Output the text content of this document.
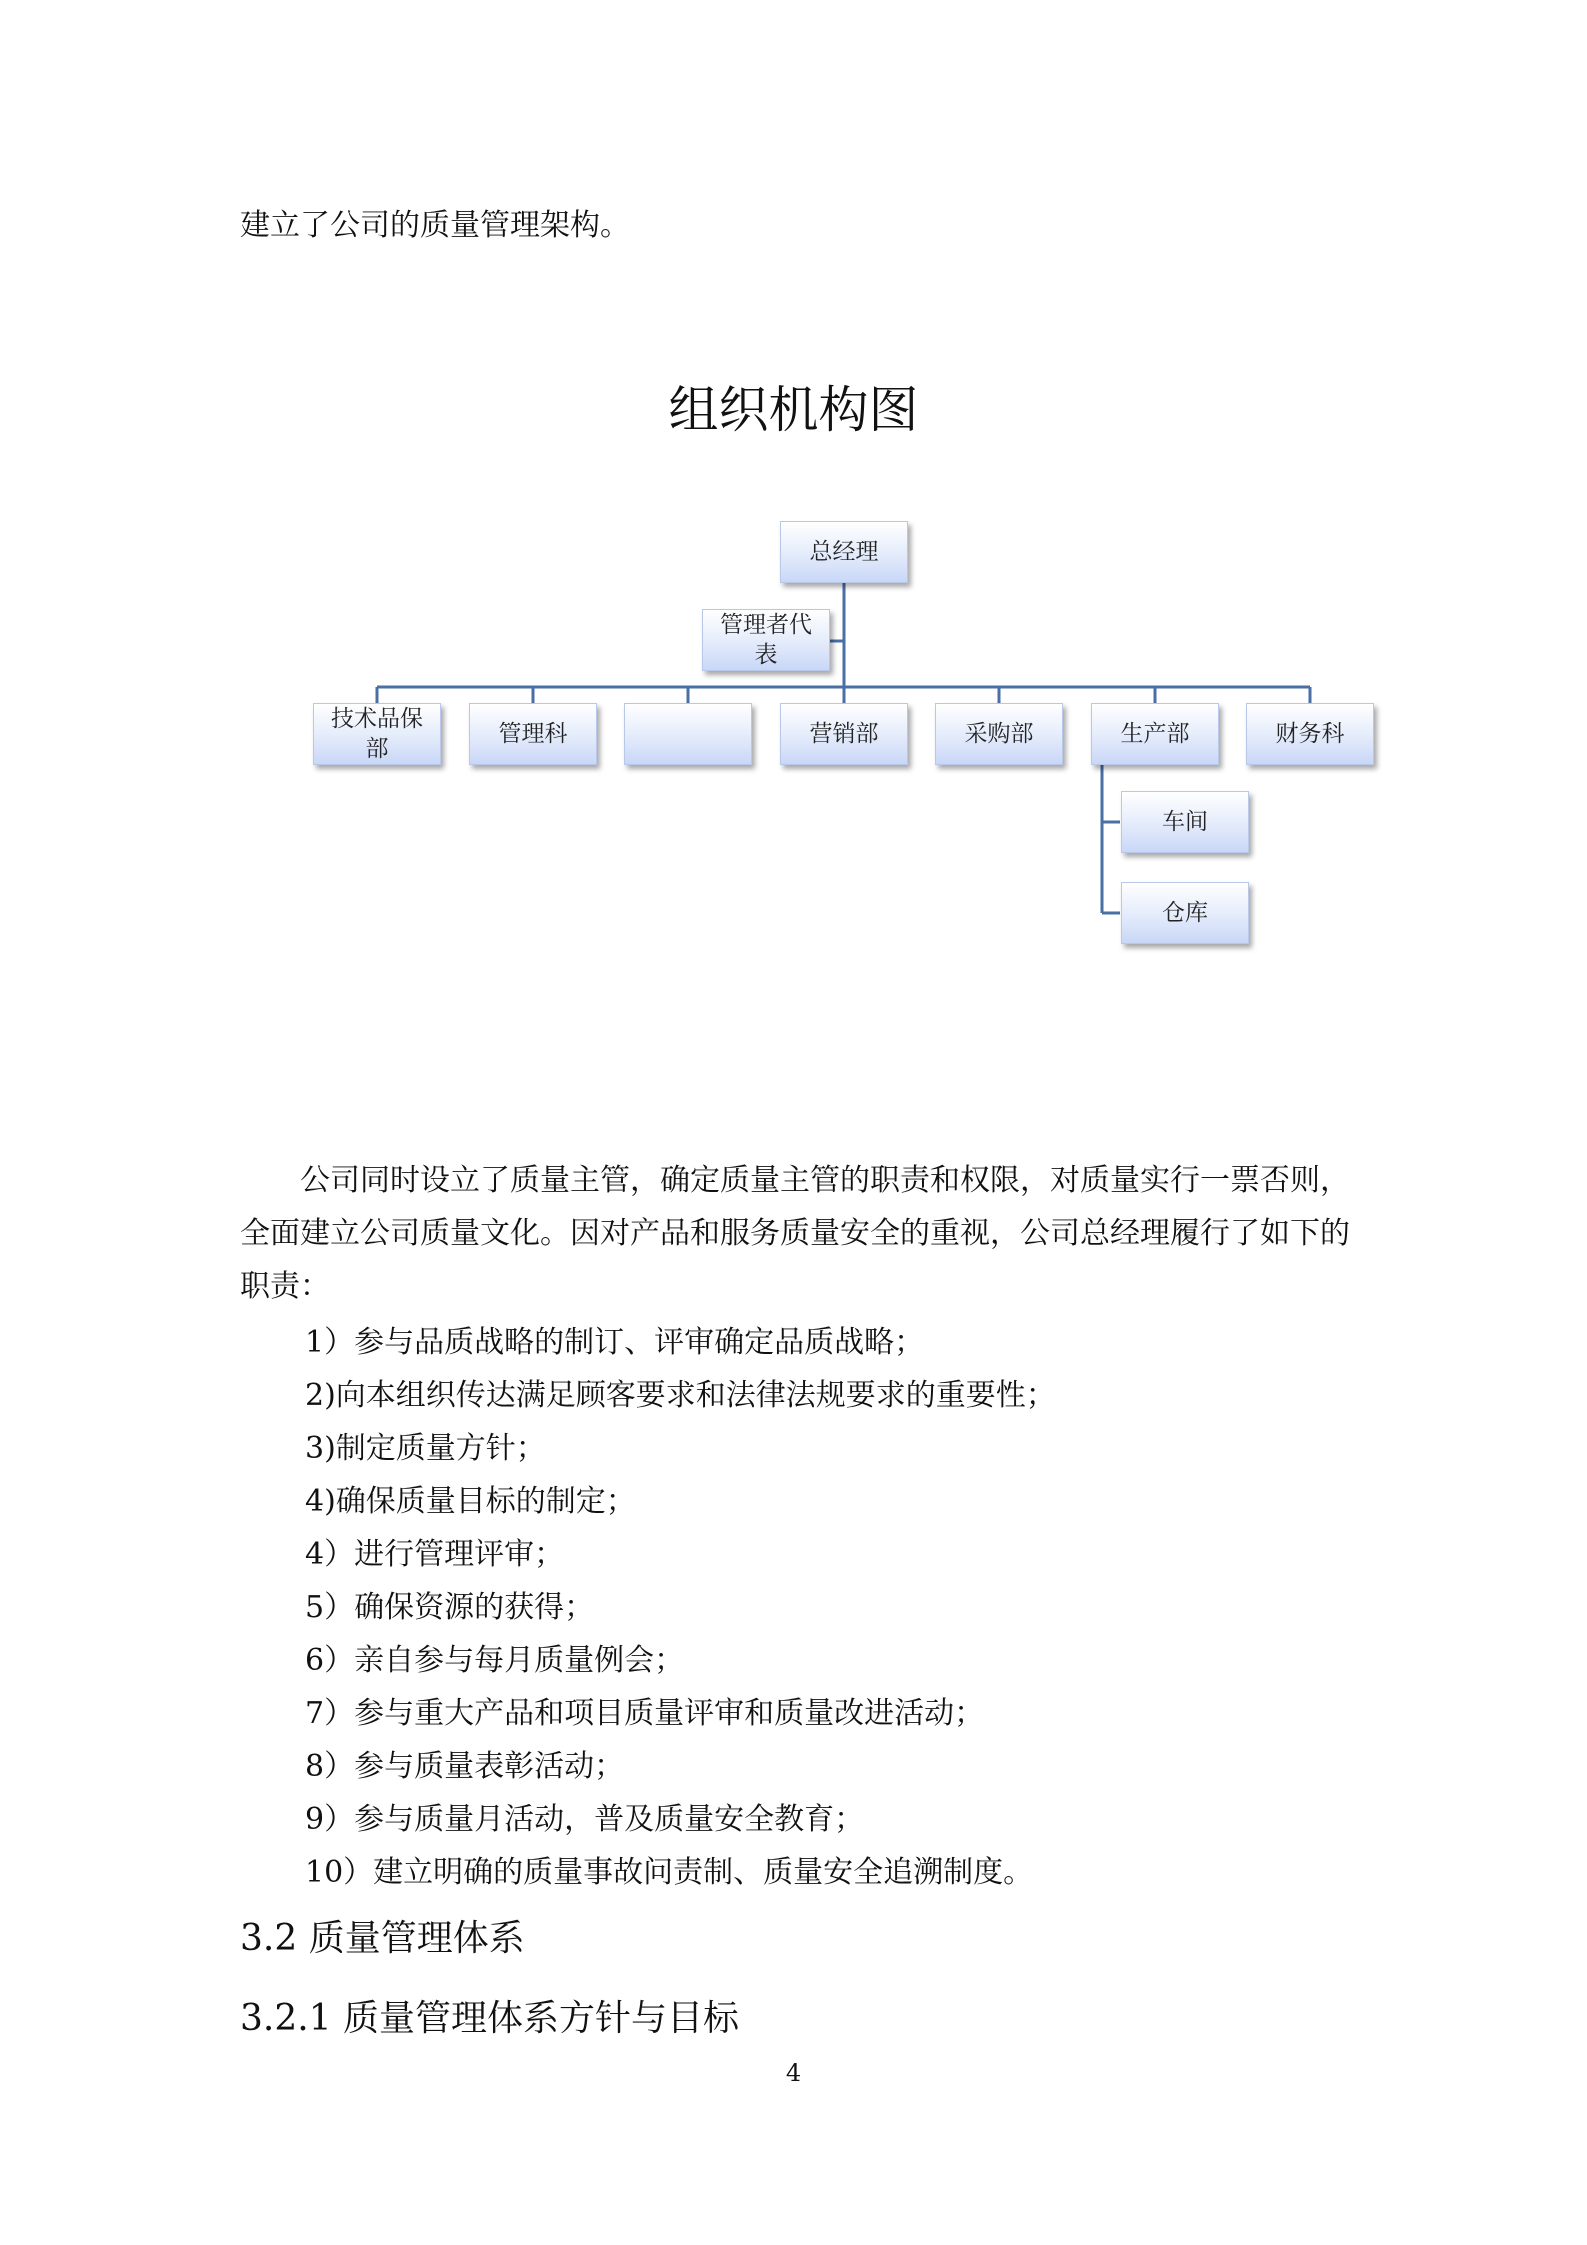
建立了公司的质量管理架构。
组织机构图
总经理
管理者代表
技术品保部
管理科	营销部	采购部	生产部	财务科
车间
仓库
公司同时设立了质量主管，确定质量主管的职责和权限，对质量实行一票否则，全面建立公司质量文化。因对产品和服务质量安全的重视，公司总经理履行了如下的职责：
1）参与品质战略的制订、评审确定品质战略；
2)向本组织传达满足顾客要求和法律法规要求的重要性；
3)制定质量方针；
4)确保质量目标的制定；
4）进行管理评审；
5）确保资源的获得；
6）亲自参与每月质量例会；
7）参与重大产品和项目质量评审和质量改进活动；
8）参与质量表彰活动；
9）参与质量月活动，普及质量安全教育；
10）建立明确的质量事故问责制、质量安全追溯制度。
3.2 质量管理体系
3.2.1 质量管理体系方针与目标
4
